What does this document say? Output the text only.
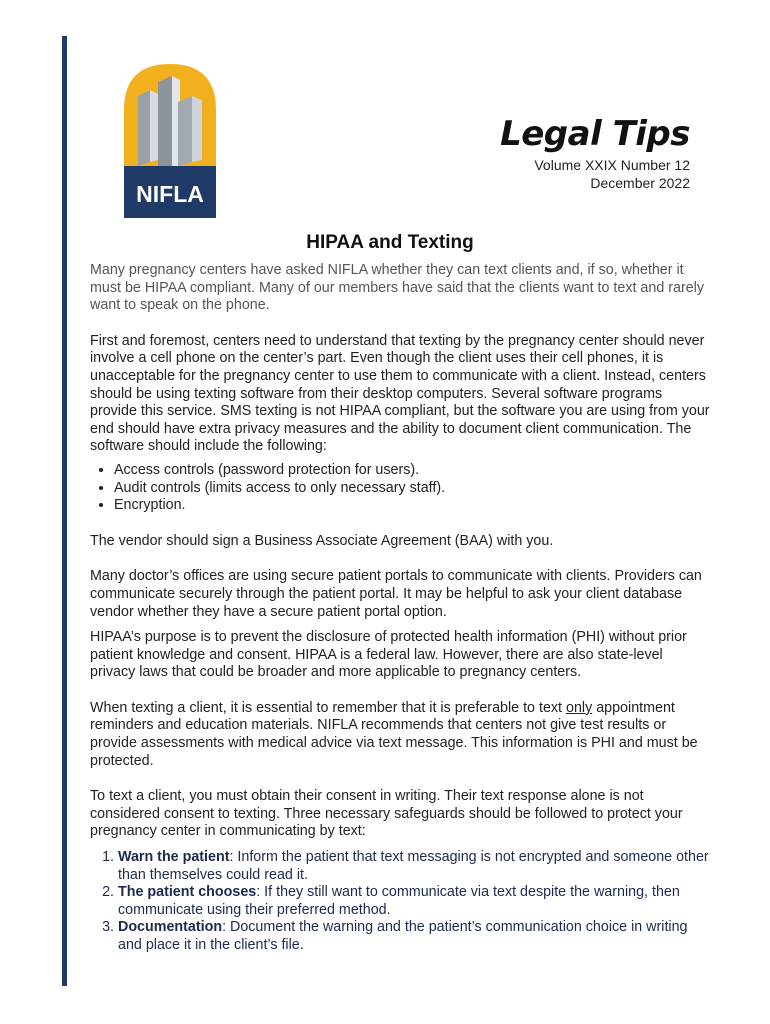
NIFLA
Legal Tips
Volume XXIX Number 12
December 2022
HIPAA and Texting

Many pregnancy centers have asked NIFLA whether they can text clients and, if so, whether it must be HIPAA compliant. Many of our members have said that the clients want to text and rarely want to speak on the phone.

First and foremost, centers need to understand that texting by the pregnancy center should never involve a cell phone on the center’s part. Even though the client uses their cell phones, it is unacceptable for the pregnancy center to use them to communicate with a client. Instead, centers should be using texting software from their desktop computers. Several software programs provide this service. SMS texting is not HIPAA compliant, but the software you are using from your end should have extra privacy measures and the ability to document client communication. The software should include the following:

• Access controls (password protection for users).
• Audit controls (limits access to only necessary staff).
• Encryption.

The vendor should sign a Business Associate Agreement (BAA) with you.

Many doctor’s offices are using secure patient portals to communicate with clients. Providers can communicate securely through the patient portal. It may be helpful to ask your client database vendor whether they have a secure patient portal option.

HIPAA’s purpose is to prevent the disclosure of protected health information (PHI) without prior patient knowledge and consent. HIPAA is a federal law. However, there are also state-level privacy laws that could be broader and more applicable to pregnancy centers.

When texting a client, it is essential to remember that it is preferable to text only appointment reminders and education materials. NIFLA recommends that centers not give test results or provide assessments with medical advice via text message. This information is PHI and must be protected.

To text a client, you must obtain their consent in writing. Their text response alone is not considered consent to texting. Three necessary safeguards should be followed to protect your pregnancy center in communicating by text:

1. Warn the patient: Inform the patient that text messaging is not encrypted and someone other than themselves could read it.
2. The patient chooses: If they still want to communicate via text despite the warning, then communicate using their preferred method.
3. Documentation: Document the warning and the patient’s communication choice in writing and place it in the client’s file.
